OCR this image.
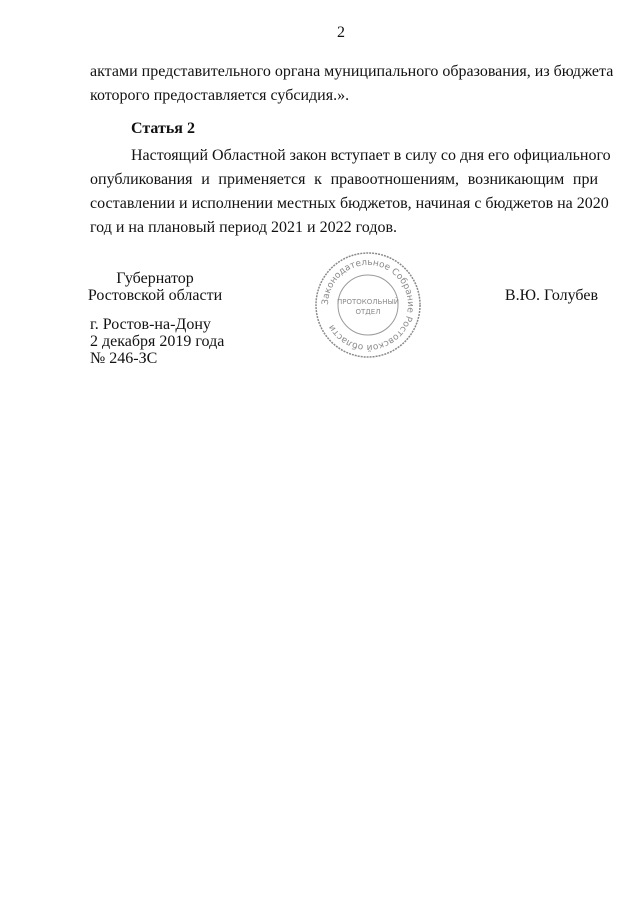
2
актами представительного органа муниципального образования, из бюджета
которого предоставляется субсидия.».
Статья 2
Настоящий Областной закон вступает в силу со дня его официального
опубликования и применяется к правоотношениям, возникающим при
составлении и исполнении местных бюджетов, начиная с бюджетов на 2020
год и на плановый период 2021 и 2022 годов.
Губернатор
Ростовской области	В.Ю. Голубев
г. Ростов-на-Дону
2 декабря 2019 года
№ 246-ЗС
Законодательное Собрание Ростовской области
ПРОТОКОЛЬНЫЙ
ОТДЕЛ
